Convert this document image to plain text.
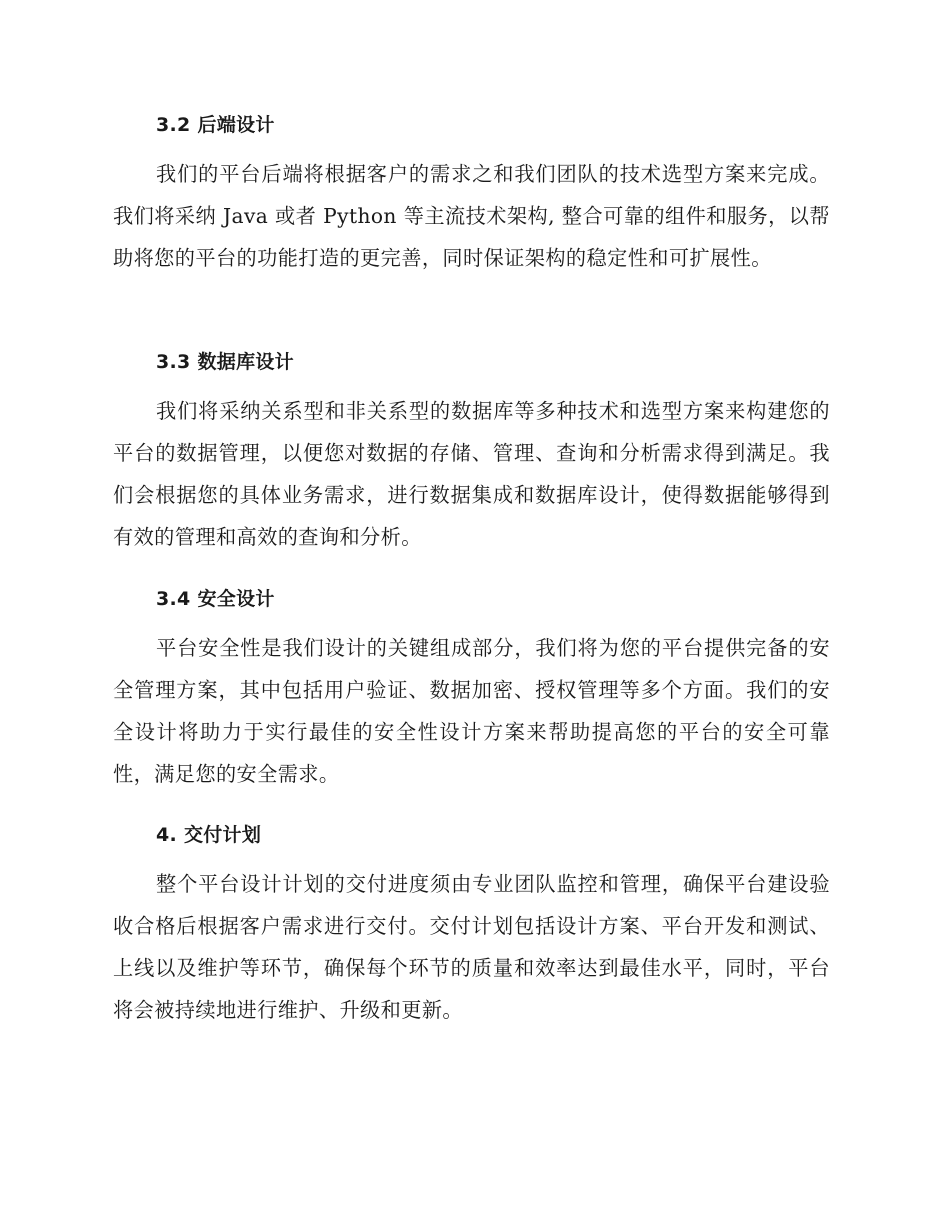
3.2 后端设计

我们的平台后端将根据客户的需求之和我们团队的技术选型方案来完成。 我们将采纳 Java 或者 Python 等主流技术架构, 整合可靠的组件和服务，以帮助将您的平台的功能打造的更完善，同时保证架构的稳定性和可扩展性。

3.3 数据库设计

我们将采纳关系型和非关系型的数据库等多种技术和选型方案来构建您的平台的数据管理，以便您对数据的存储、管理、查询和分析需求得到满足。我们会根据您的具体业务需求，进行数据集成和数据库设计，使得数据能够得到有效的管理和高效的查询和分析。

3.4 安全设计

平台安全性是我们设计的关键组成部分，我们将为您的平台提供完备的安全管理方案，其中包括用户验证、数据加密、授权管理等多个方面。我们的安全设计将助力于实行最佳的安全性设计方案来帮助提高您的平台的安全可靠性，满足您的安全需求。

4. 交付计划

整个平台设计计划的交付进度须由专业团队监控和管理，确保平台建设验收合格后根据客户需求进行交付。交付计划包括设计方案、平台开发和测试、上线以及维护等环节，确保每个环节的质量和效率达到最佳水平，同时，平台将会被持续地进行维护、升级和更新。
